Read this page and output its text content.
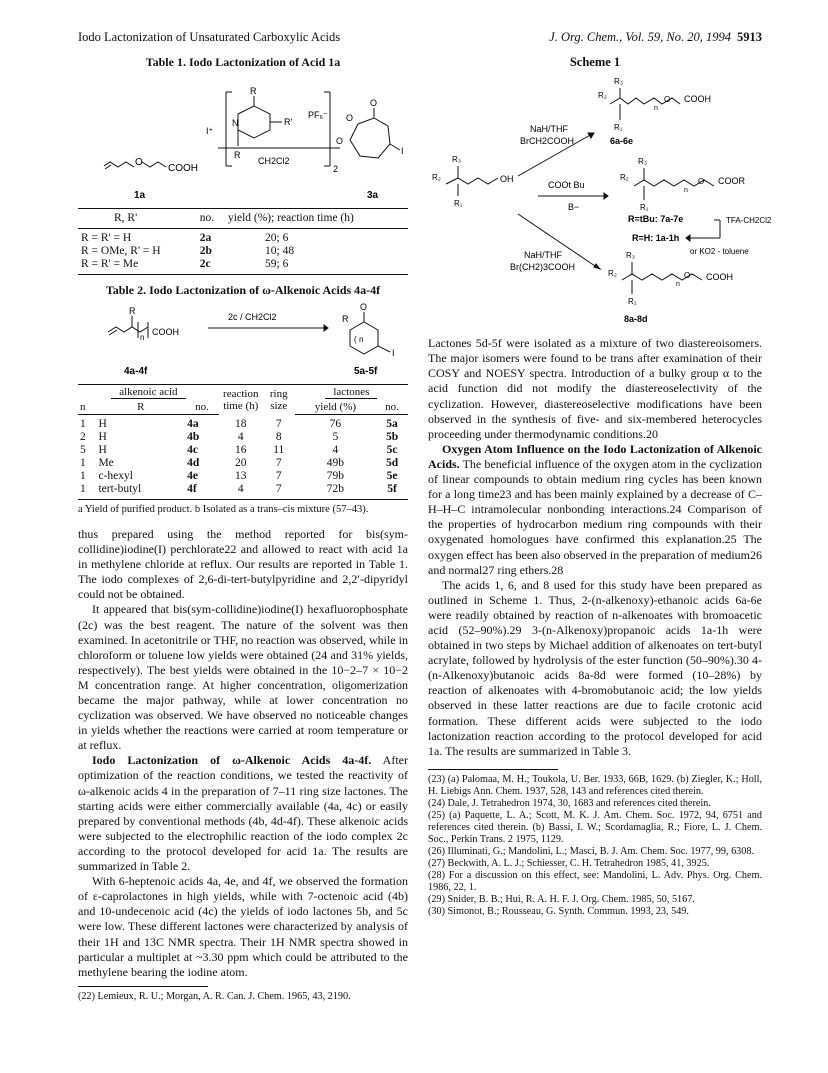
Iodo Lactonization of Unsaturated Carboxylic Acids	J. Org. Chem., Vol. 59, No. 20, 1994 5913
Table 1. Iodo Lactonization of Acid 1a
O
COOH
1a
I⁺
R
N
R
R'
PF₆⁻
2
CH2Cl2
O
O
O
I
3a
R, R'	no.	yield (%); reaction time (h)
R = R' = H	2a	20; 6
R = OMe, R' = H	2b	10; 48
R = R' = Me	2c	59; 6
Table 2. Iodo Lactonization of ω-Alkenoic Acids 4a-4f
R
n
COOH
2c / CH2Cl2	R
O
( n
I
4a-4f	5a-5f
alkenoic acid			reaction time (h)	ring size	lactones	
n	R	no.			yield (%)	no.
1	H	4a	18	7	76	5a
2	H	4b	4	8	5	5b
5	H	4c	16	11	4	5c
1	Me	4d	20	7	49b	5d
1	c-hexyl	4e	13	7	79b	5e
1	tert-butyl	4f	4	7	72b	5f
a Yield of purified product. b Isolated as a trans–cis mixture (57–43).

thus prepared using the method reported for bis(sym-collidine)iodine(I) perchlorate22 and allowed to react with acid 1a in methylene chloride at reflux. Our results are reported in Table 1. The iodo complexes of 2,6-di-tert-butylpyridine and 2,2′-dipyridyl could not be obtained.

It appeared that bis(sym-collidine)iodine(I) hexafluorophosphate (2c) was the best reagent. The nature of the solvent was then examined. In acetonitrile or THF, no reaction was observed, while in chloroform or toluene low yields were obtained (24 and 31% yields, respectively). The best yields were obtained in the 10−2–7 × 10−2 M concentration range. At higher concentration, oligomerization became the major pathway, while at lower concentration no cyclization was observed. We have observed no noticeable changes in yields whether the reactions were carried at room temperature or at reflux.

Iodo Lactonization of ω-Alkenoic Acids 4a-4f. After optimization of the reaction conditions, we tested the reactivity of ω-alkenoic acids 4 in the preparation of 7–11 ring size lactones. The starting acids were either commercially available (4a, 4c) or easily prepared by conventional methods (4b, 4d-4f). These alkenoic acids were subjected to the electrophilic reaction of the iodo complex 2c according to the protocol developed for acid 1a. The results are summarized in Table 2.

With 6-heptenoic acids 4a, 4e, and 4f, we observed the formation of ε-caprolactones in high yields, while with 7-octenoic acid (4b) and 10-undecenoic acid (4c) the yields of iodo lactones 5b, and 5c were low. These different lactones were characterized by analysis of their 1H and 13C NMR spectra. Their 1H NMR spectra showed in particular a multiplet at ~3.30 ppm which could be attributed to the methylene bearing the iodine atom.

(22) Lemieux, R. U.; Morgan, A. R. Can. J. Chem. 1965, 43, 2190.
Scheme 1
R₃
R₂
n
O COOH
R₁
6a-6e
NaH/THF
BrCH2COOH
R₃
R₂	OH
R₁
COOt Bu
B−
R₃
R₂
n
O COOR
R₁
R=tBu: 7a-7e
R=H: 1a-1h
TFA-CH2Cl2
or KO2 - toluene
NaH/THF
Br(CH2)3COOH
R₃
R₂
n
O COOH
R₁
8a-8d

Lactones 5d-5f were isolated as a mixture of two diastereoisomers. The major isomers were found to be trans after examination of their COSY and NOESY spectra. Introduction of a bulky group α to the acid function did not modify the diastereoselectivity of the cyclization. However, diastereoselective modifications have been observed in the synthesis of five- and six-membered heterocycles proceeding under thermodynamic conditions.20

Oxygen Atom Influence on the Iodo Lactonization of Alkenoic Acids. The beneficial influence of the oxygen atom in the cyclization of linear compounds to obtain medium ring cycles has been known for a long time23 and has been mainly explained by a decrease of C–H–H–C intramolecular nonbonding interactions.24 Comparison of the properties of hydrocarbon medium ring compounds with their oxygenated homologues have confirmed this explanation.25 The oxygen effect has been also observed in the preparation of medium26 and normal27 ring ethers.28

The acids 1, 6, and 8 used for this study have been prepared as outlined in Scheme 1. Thus, 2-(n-alkenoxy)-ethanoic acids 6a-6e were readily obtained by reaction of n-alkenoates with bromoacetic acid (52–90%).29 3-(n-Alkenoxy)propanoic acids 1a-1h were obtained in two steps by Michael addition of alkenoates on tert-butyl acrylate, followed by hydrolysis of the ester function (50–90%).30 4-(n-Alkenoxy)butanoic acids 8a-8d were formed (10–28%) by reaction of alkenoates with 4-bromobutanoic acid; the low yields observed in these latter reactions are due to facile crotonic acid formation. These different acids were subjected to the iodo lactonization reaction according to the protocol developed for acid 1a. The results are summarized in Table 3.

(23) (a) Palomaa, M. H.; Toukola, U. Ber. 1933, 66B, 1629. (b) Ziegler, K.; Holl, H. Liebigs Ann. Chem. 1937, 528, 143 and references cited therein.
(24) Dale, J. Tetrahedron 1974, 30, 1683 and references cited therein.
(25) (a) Paquette, L. A.; Scott, M. K. J. Am. Chem. Soc. 1972, 94, 6751 and references cited therein. (b) Bassi, I. W.; Scordamaglia, R.; Fiore, L. J. Chem. Soc., Perkin Trans. 2 1975, 1129.
(26) Illuminati, G.; Mandolini, L.; Masci, B. J. Am. Chem. Soc. 1977, 99, 6308.
(27) Beckwith, A. L. J.; Schiesser, C. H. Tetrahedron 1985, 41, 3925.
(28) For a discussion on this effect, see: Mandolini, L. Adv. Phys. Org. Chem. 1986, 22, 1.
(29) Snider, B. B.; Hui, R. A. H. F. J. Org. Chem. 1985, 50, 5167.
(30) Simonot, B.; Rousseau, G. Synth. Commun. 1993, 23, 549.
